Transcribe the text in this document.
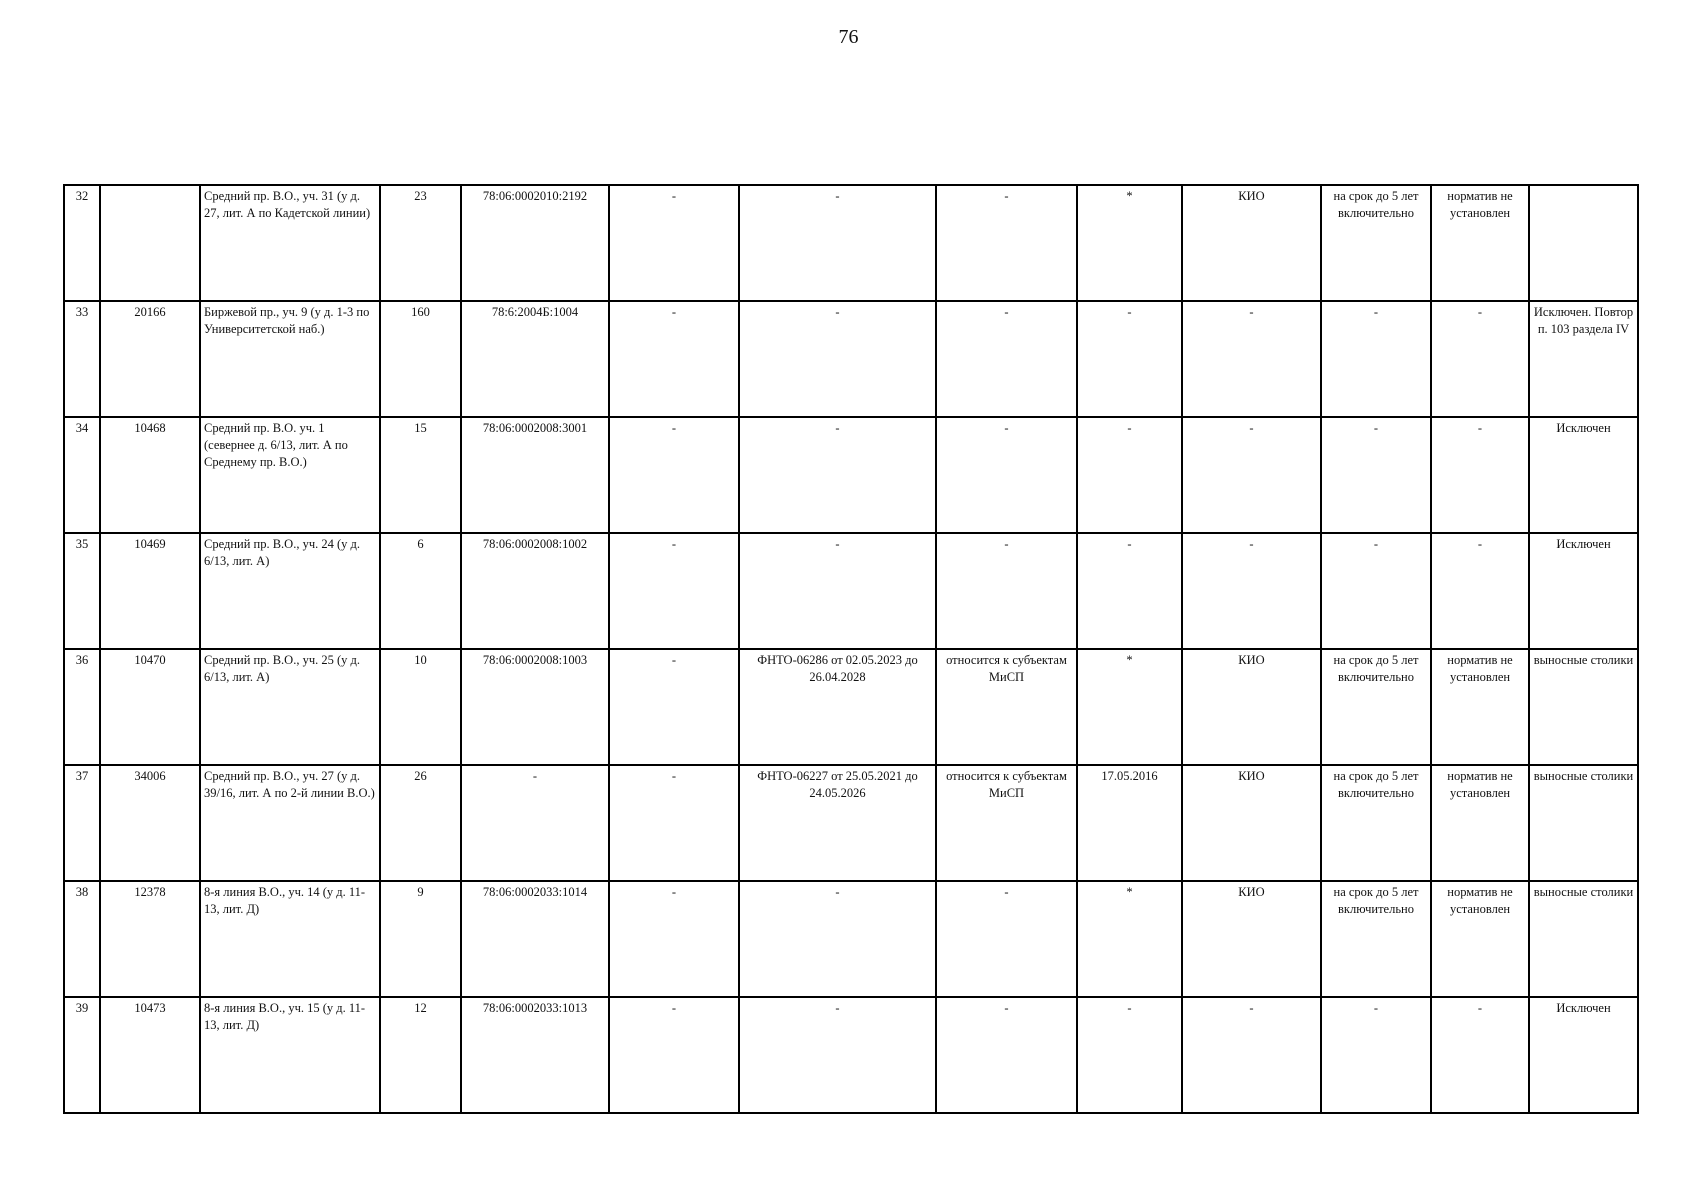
76
32		Средний пр. В.О., уч. 31 (у д. 27, лит. А по Кадетской линии)	23	78:06:0002010:2192	-	-	-	*	КИО	на срок до 5 лет включительно	норматив не установлен	
33	20166	Биржевой пр., уч. 9 (у д. 1-3 по Университетской наб.)	160	78:6:2004Б:1004	-	-	-	-	-	-	-	Исключен. Повтор п. 103 раздела IV
34	10468	Средний пр. В.О. уч. 1 (севернее д. 6/13, лит. А по Среднему пр. В.О.)	15	78:06:0002008:3001	-	-	-	-	-	-	-	Исключен
35	10469	Средний пр. В.О., уч. 24 (у д. 6/13, лит. А)	6	78:06:0002008:1002	-	-	-	-	-	-	-	Исключен
36	10470	Средний пр. В.О., уч. 25 (у д. 6/13, лит. А)	10	78:06:0002008:1003	-	ФНТО-06286 от 02.05.2023 до 26.04.2028	относится к субъектам МиСП	*	КИО	на срок до 5 лет включительно	норматив не установлен	выносные столики
37	34006	Средний пр. В.О., уч. 27 (у д. 39/16, лит. А по 2-й линии В.О.)	26	-	-	ФНТО-06227 от 25.05.2021 до 24.05.2026	относится к субъектам МиСП	17.05.2016	КИО	на срок до 5 лет включительно	норматив не установлен	выносные столики
38	12378	8-я линия В.О., уч. 14 (у д. 11-13, лит. Д)	9	78:06:0002033:1014	-	-	-	*	КИО	на срок до 5 лет включительно	норматив не установлен	выносные столики
39	10473	8-я линия В.О., уч. 15 (у д. 11-13, лит. Д)	12	78:06:0002033:1013	-	-	-	-	-	-	-	Исключен
